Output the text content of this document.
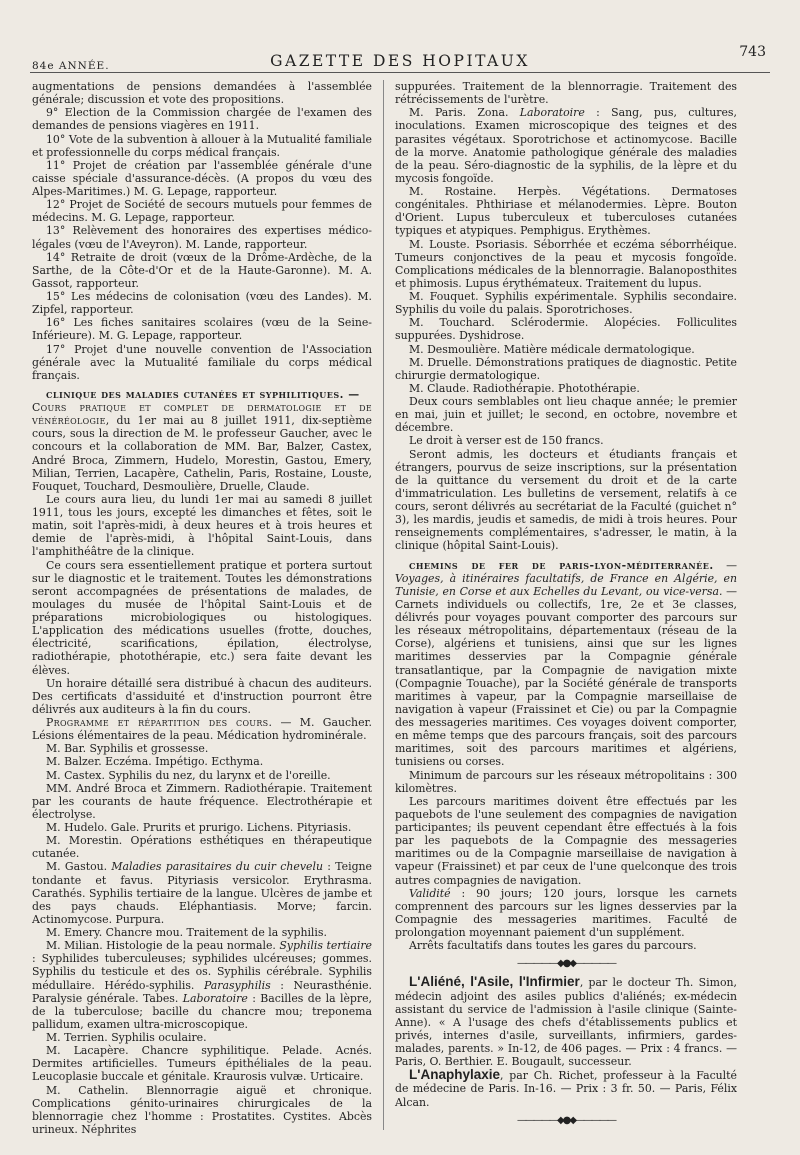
84e ANNÉE.	GAZETTE DES HOPITAUX	743

augmentations de pensions demandées à l'assemblée générale; discussion et vote des propositions.

9° Election de la Commission chargée de l'examen des demandes de pensions viagères en 1911.

10° Vote de la subvention à allouer à la Mutualité familiale et professionnelle du corps médical français.

11° Projet de création par l'assemblée générale d'une caisse spéciale d'assurance-décès. (A propos du vœu des Alpes-Maritimes.) M. G. Lepage, rapporteur.

12° Projet de Société de secours mutuels pour femmes de médecins. M. G. Lepage, rapporteur.

13° Relèvement des honoraires des expertises médico-légales (vœu de l'Aveyron). M. Lande, rapporteur.

14° Retraite de droit (vœux de la Drôme-Ardèche, de la Sarthe, de la Côte-d'Or et de la Haute-Garonne). M. A. Gassot, rapporteur.

15° Les médecins de colonisation (vœu des Landes). M. Zipfel, rapporteur.

16° Les fiches sanitaires scolaires (vœu de la Seine-Inférieure). M. G. Lepage, rapporteur.

17° Projet d'une nouvelle convention de l'Association générale avec la Mutualité familiale du corps médical français.

clinique des maladies cutanées et syphilitiques. —
Cours pratique et complet de dermatologie et de vénéréologie, du 1er mai au 8 juillet 1911, dix-septième cours, sous la direction de M. le professeur Gaucher, avec le concours et la collaboration de MM. Bar, Balzer, Castex, André Broca, Zimmern, Hudelo, Morestin, Gastou, Emery, Milian, Terrien, Lacapère, Cathelin, Paris, Rostaine, Louste, Fouquet, Touchard, Desmoulière, Druelle, Claude.

Le cours aura lieu, du lundi 1er mai au samedi 8 juillet 1911, tous les jours, excepté les dimanches et fêtes, soit le matin, soit l'après-midi, à deux heures et à trois heures et demie de l'après-midi, à l'hôpital Saint-Louis, dans l'amphithéâtre de la clinique.

Ce cours sera essentiellement pratique et portera surtout sur le diagnostic et le traitement. Toutes les démonstrations seront accompagnées de présentations de malades, de moulages du musée de l'hôpital Saint-Louis et de préparations microbiologiques ou histologiques. L'application des médications usuelles (frotte, douches, électricité, scarifications, épilation, électrolyse, radiothérapie, photothérapie, etc.) sera faite devant les élèves.

Un horaire détaillé sera distribué à chacun des auditeurs. Des certificats d'assiduité et d'instruction pourront être délivrés aux auditeurs à la fin du cours.

Programme et répartition des cours. — M. Gaucher. Lésions élémentaires de la peau. Médication hydrominérale.

M. Bar. Syphilis et grossesse.

M. Balzer. Eczéma. Impétigo. Ecthyma.

M. Castex. Syphilis du nez, du larynx et de l'oreille.

MM. André Broca et Zimmern. Radiothérapie. Traitement par les courants de haute fréquence. Electrothérapie et électrolyse.

M. Hudelo. Gale. Prurits et prurigo. Lichens. Pityriasis.

M. Morestin. Opérations esthétiques en thérapeutique cutanée.

M. Gastou. Maladies parasitaires du cuir chevelu : Teigne tondante et favus. Pityriasis versicolor. Erythrasma. Carathés. Syphilis tertiaire de la langue. Ulcères de jambe et des pays chauds. Eléphantiasis. Morve; farcin. Actinomycose. Purpura.

M. Emery. Chancre mou. Traitement de la syphilis.

M. Milian. Histologie de la peau normale. Syphilis tertiaire : Syphilides tuberculeuses; syphilides ulcéreuses; gommes. Syphilis du testicule et des os. Syphilis cérébrale. Syphilis médullaire. Hérédo-syphilis. Parasyphilis : Neurasthénie. Paralysie générale. Tabes. Laboratoire : Bacilles de la lèpre, de la tuberculose; bacille du chancre mou; treponema pallidum, examen ultra-microscopique.

M. Terrien. Syphilis oculaire.

M. Lacapère. Chancre syphilitique. Pelade. Acnés. Dermites artificielles. Tumeurs épithéliales de la peau. Leucoplasie buccale et génitale. Kraurosis vulvæ. Urticaire.

M. Cathelin. Blennorragie aiguë et chronique. Complications génito-urinaires chirurgicales de la blennorragie chez l'homme : Prostatites. Cystites. Abcès urineux. Néphrites

suppurées. Traitement de la blennorragie. Traitement des rétrécissements de l'urètre.

M. Paris. Zona. Laboratoire : Sang, pus, cultures, inoculations. Examen microscopique des teignes et des parasites végétaux. Sporotrichose et actinomycose. Bacille de la morve. Anatomie pathologique générale des maladies de la peau. Séro-diagnostic de la syphilis, de la lèpre et du mycosis fongoïde.

M. Rostaine. Herpès. Végétations. Dermatoses congénitales. Phthiriase et mélanodermies. Lèpre. Bouton d'Orient. Lupus tuberculeux et tuberculoses cutanées typiques et atypiques. Pemphigus. Erythèmes.

M. Louste. Psoriasis. Séborrhée et eczéma séborrhéique. Tumeurs conjonctives de la peau et mycosis fongoïde. Complications médicales de la blennorragie. Balanoposthites et phimosis. Lupus érythémateux. Traitement du lupus.

M. Fouquet. Syphilis expérimentale. Syphilis secondaire. Syphilis du voile du palais. Sporotrichoses.

M. Touchard. Sclérodermie. Alopécies. Folliculites suppurées. Dyshidrose.

M. Desmoulière. Matière médicale dermatologique.

M. Druelle. Démonstrations pratiques de diagnostic. Petite chirurgie dermatologique.

M. Claude. Radiothérapie. Photothérapie.

Deux cours semblables ont lieu chaque année; le premier en mai, juin et juillet; le second, en octobre, novembre et décembre.

Le droit à verser est de 150 francs.

Seront admis, les docteurs et étudiants français et étrangers, pourvus de seize inscriptions, sur la présentation de la quittance du versement du droit et de la carte d'immatriculation. Les bulletins de versement, relatifs à ce cours, seront délivrés au secrétariat de la Faculté (guichet n° 3), les mardis, jeudis et samedis, de midi à trois heures. Pour renseignements complémentaires, s'adresser, le matin, à la clinique (hôpital Saint-Louis).

chemins de fer de paris-lyon-méditerranée. — Voyages, à itinéraires facultatifs, de France en Algérie, en Tunisie, en Corse et aux Echelles du Levant, ou vice-versa. — Carnets individuels ou collectifs, 1re, 2e et 3e classes, délivrés pour voyages pouvant comporter des parcours sur les réseaux métropolitains, départementaux (réseau de la Corse), algériens et tunisiens, ainsi que sur les lignes maritimes desservies par la Compagnie générale transatlantique, par la Compagnie de navigation mixte (Compagnie Touache), par la Société générale de transports maritimes à vapeur, par la Compagnie marseillaise de navigation à vapeur (Fraissinet et Cie) ou par la Compagnie des messageries maritimes. Ces voyages doivent comporter, en même temps que des parcours français, soit des parcours maritimes, soit des parcours maritimes et algériens, tunisiens ou corses.

Minimum de parcours sur les réseaux métropolitains : 300 kilomètres.

Les parcours maritimes doivent être effectués par les paquebots de l'une seulement des compagnies de navigation participantes; ils peuvent cependant être effectués à la fois par les paquebots de la Compagnie des messageries maritimes ou de la Compagnie marseillaise de navigation à vapeur (Fraissinet) et par ceux de l'une quelconque des trois autres compagnies de navigation.

Validité : 90 jours; 120 jours, lorsque les carnets comprennent des parcours sur les lignes desservies par la Compagnie des messageries maritimes. Faculté de prolongation moyennant paiement d'un supplément.

Arrêts facultatifs dans toutes les gares du parcours.

—————◆●◆—————

L'Aliéné, l'Asile, l'Infirmier, par le docteur Th. Simon, médecin adjoint des asiles publics d'aliénés; ex-médecin assistant du service de l'admission à l'asile clinique (Sainte-Anne). « A l'usage des chefs d'établissements publics et privés, internes d'asile, surveillants, infirmiers, gardes-malades, parents. » In-12, de 406 pages. — Prix : 4 francs. — Paris, O. Berthier. E. Bougault, successeur.

L'Anaphylaxie, par Ch. Richet, professeur à la Faculté de médecine de Paris. In-16. — Prix : 3 fr. 50. — Paris, Félix Alcan.

—————◆●◆—————
